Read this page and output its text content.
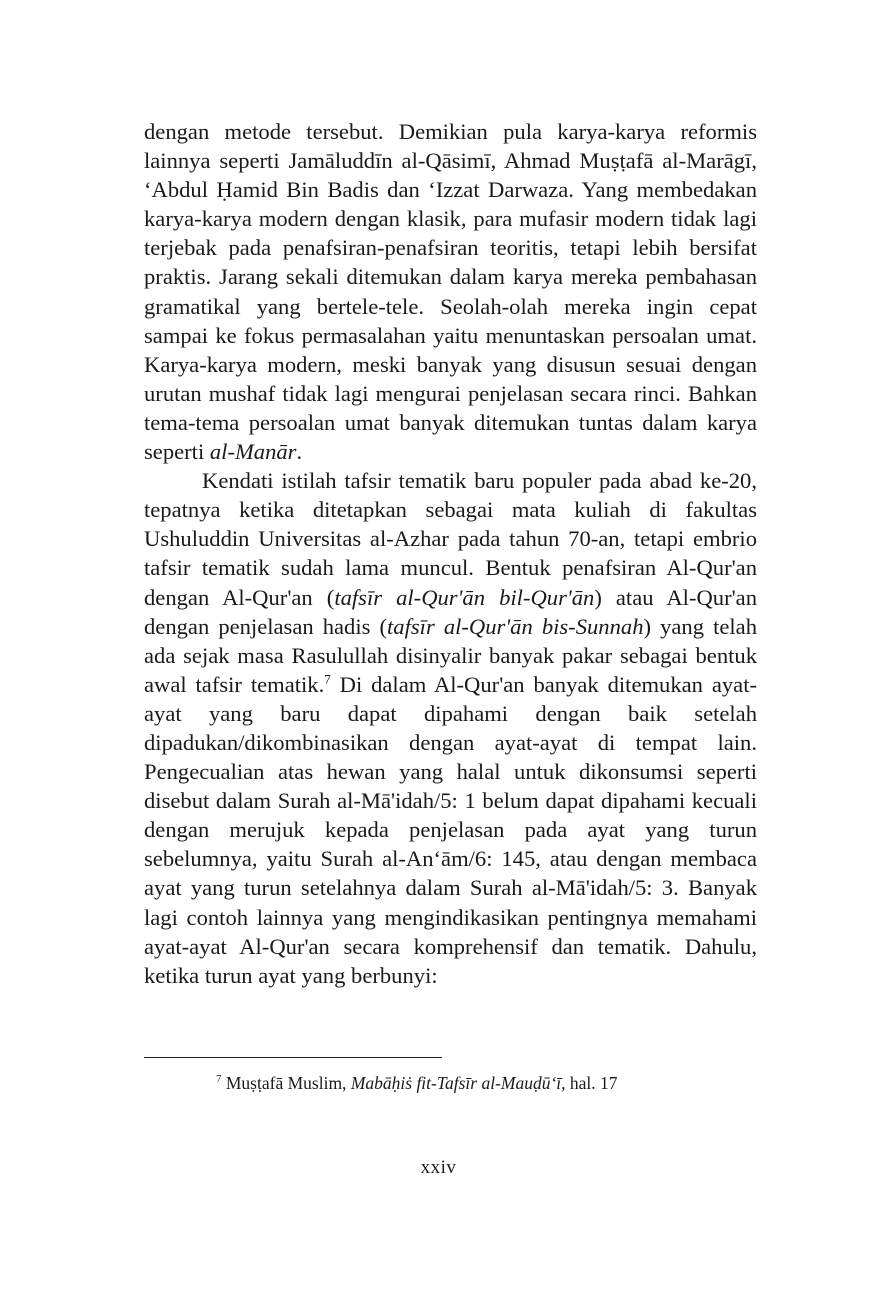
dengan metode tersebut. Demikian pula karya-karya reformis lainnya seperti Jamāluddīn al-Qāsimī, Ahmad Muṣṭafā al-Marāgī, ‘Abdul Ḥamid Bin Badis dan ‘Izzat Darwaza. Yang membedakan karya-karya modern dengan klasik, para mufasir modern tidak lagi terjebak pada penafsiran-penafsiran teoritis, tetapi lebih bersifat praktis. Jarang sekali ditemukan dalam karya mereka pembahasan gramatikal yang bertele-tele. Seolah-olah mereka ingin cepat sampai ke fokus permasalahan yaitu menuntaskan persoalan umat. Karya-karya modern, meski banyak yang disusun sesuai dengan urutan mushaf tidak lagi mengurai penjelasan secara rinci. Bahkan tema-tema persoalan umat banyak ditemukan tuntas dalam karya seperti al-Manār.

Kendati istilah tafsir tematik baru populer pada abad ke-20, tepatnya ketika ditetapkan sebagai mata kuliah di fakultas Ushuluddin Universitas al-Azhar pada tahun 70-an, tetapi embrio tafsir tematik sudah lama muncul. Bentuk penafsiran Al-Qur'an dengan Al-Qur'an (tafsīr al-Qur'ān bil-Qur'ān) atau Al-Qur'an dengan penjelasan hadis (tafsīr al-Qur'ān bis-Sunnah) yang telah ada sejak masa Rasulullah disinyalir banyak pakar sebagai bentuk awal tafsir tematik.$^7$ Di dalam Al-Qur'an banyak ditemukan ayat-ayat yang baru dapat dipahami dengan baik setelah dipadukan/dikombinasikan dengan ayat-ayat di tempat lain. Pengecualian atas hewan yang halal untuk dikonsumsi seperti disebut dalam Surah al-Mā'idah/5: 1 belum dapat dipahami kecuali dengan merujuk kepada penjelasan pada ayat yang turun sebelumnya, yaitu Surah al-An‘ām/6: 145, atau dengan membaca ayat yang turun setelahnya dalam Surah al-Mā'idah/5: 3. Banyak lagi contoh lainnya yang mengindikasikan pentingnya memahami ayat-ayat Al-Qur'an secara komprehensif dan tematik. Dahulu, ketika turun ayat yang berbunyi:

$^7$ Muṣṭafā Muslim, Mabāḥiṡ fit-Tafsīr al-Mauḍū‘ī, hal. 17
xxiv
